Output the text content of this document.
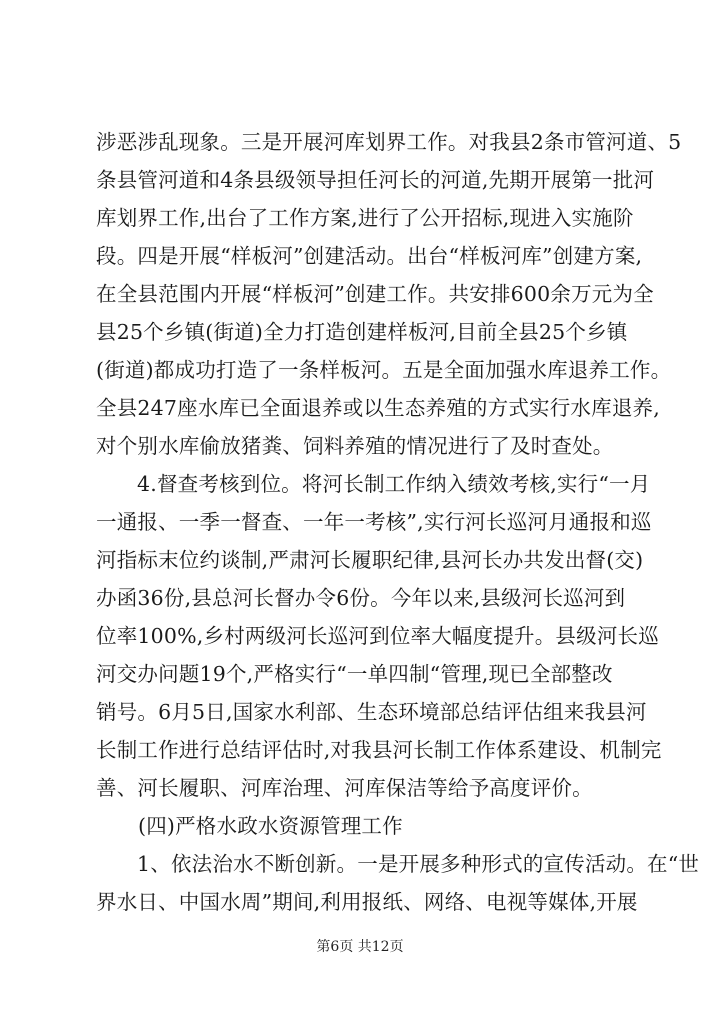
涉恶涉乱现象。三是开展河库划界工作。对我县2条市管河道、5
条县管河道和4条县级领导担任河长的河道,先期开展第一批河
库划界工作,出台了工作方案,进行了公开招标,现进入实施阶
段。四是开展“样板河”创建活动。出台“样板河库”创建方案,
在全县范围内开展“样板河”创建工作。共安排600余万元为全
县25个乡镇(街道)全力打造创建样板河,目前全县25个乡镇
(街道)都成功打造了一条样板河。五是全面加强水库退养工作。
全县247座水库已全面退养或以生态养殖的方式实行水库退养,
对个别水库偷放猪粪、饲料养殖的情况进行了及时查处。
4.督查考核到位。将河长制工作纳入绩效考核,实行“一月
一通报、一季一督查、一年一考核”,实行河长巡河月通报和巡
河指标末位约谈制,严肃河长履职纪律,县河长办共发出督(交)
办函36份,县总河长督办令6份。今年以来,县级河长巡河到
位率100%,乡村两级河长巡河到位率大幅度提升。县级河长巡
河交办问题19个,严格实行“一单四制“管理,现已全部整改
销号。6月5日,国家水利部、生态环境部总结评估组来我县河
长制工作进行总结评估时,对我县河长制工作体系建设、机制完
善、河长履职、河库治理、河库保洁等给予高度评价。
(四)严格水政水资源管理工作
1、依法治水不断创新。一是开展多种形式的宣传活动。在“世
界水日、中国水周”期间,利用报纸、网络、电视等媒体,开展
第6页 共12页
